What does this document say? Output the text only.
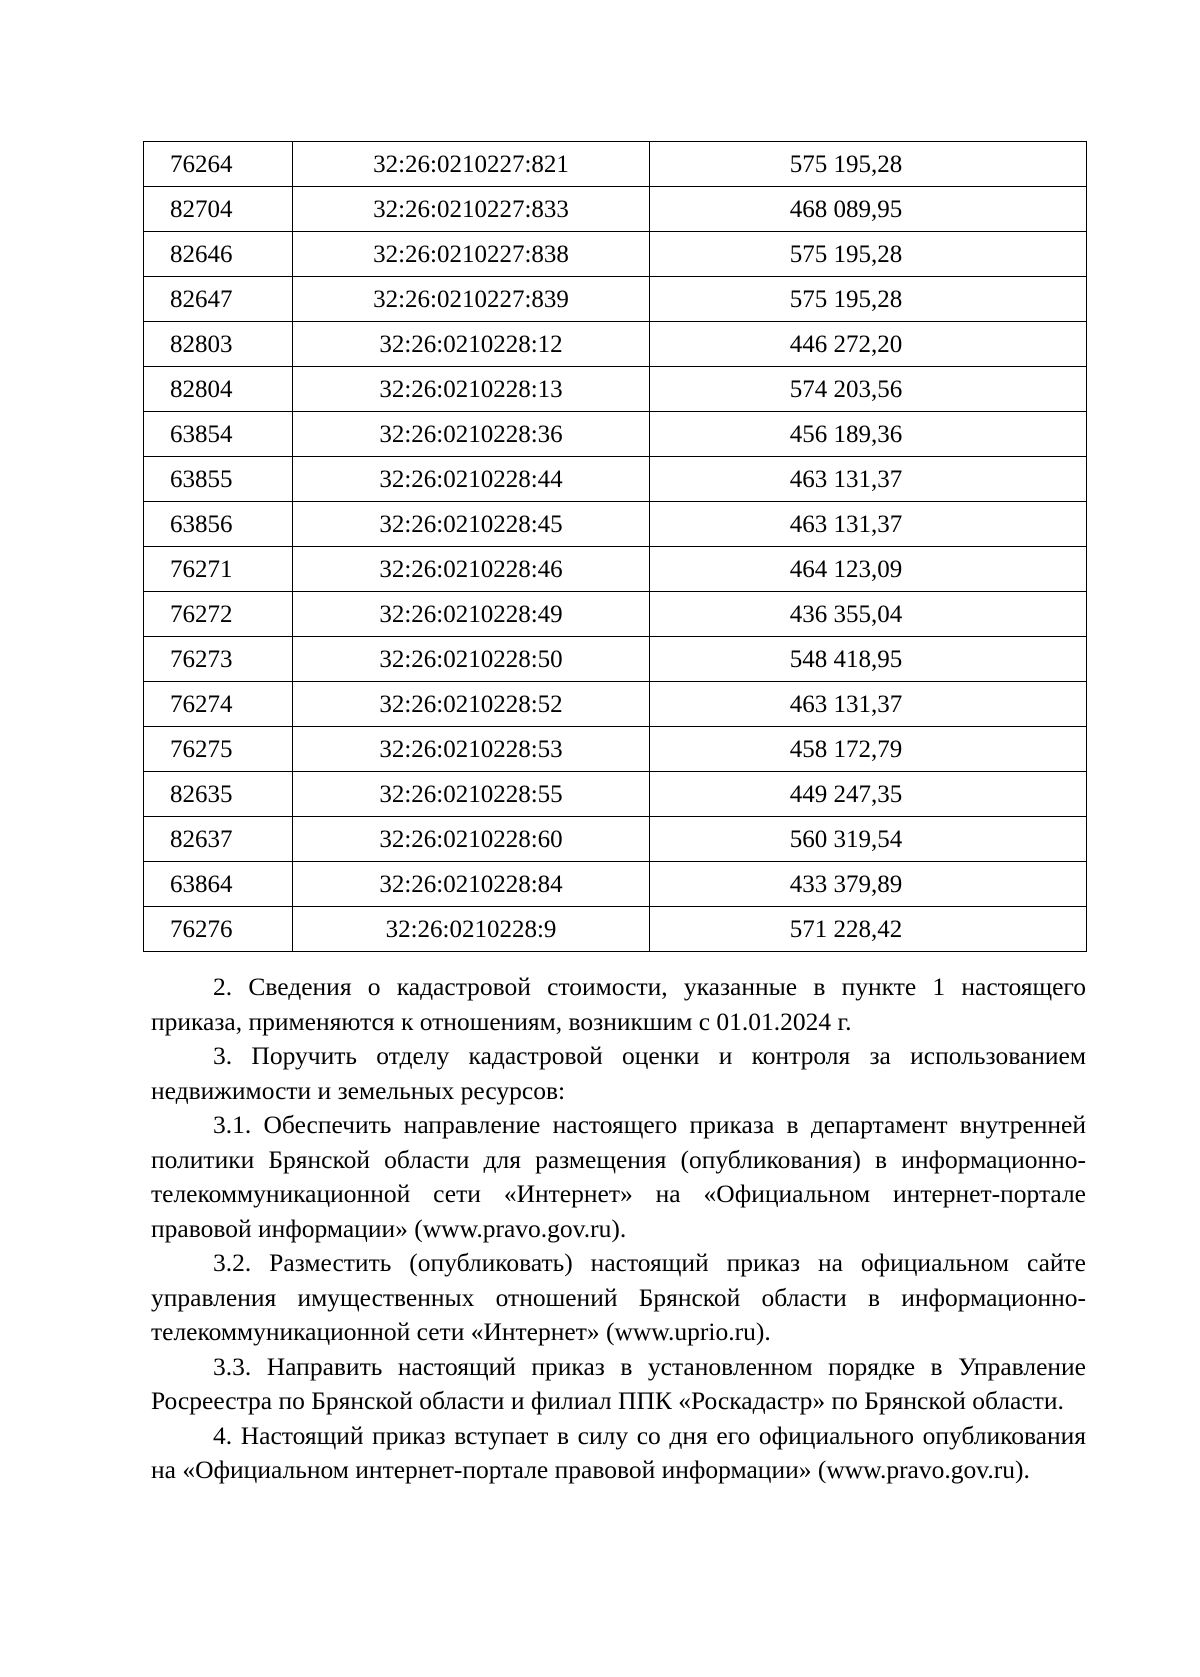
76264	32:26:0210227:821	575 195,28
82704	32:26:0210227:833	468 089,95
82646	32:26:0210227:838	575 195,28
82647	32:26:0210227:839	575 195,28
82803	32:26:0210228:12	446 272,20
82804	32:26:0210228:13	574 203,56
63854	32:26:0210228:36	456 189,36
63855	32:26:0210228:44	463 131,37
63856	32:26:0210228:45	463 131,37
76271	32:26:0210228:46	464 123,09
76272	32:26:0210228:49	436 355,04
76273	32:26:0210228:50	548 418,95
76274	32:26:0210228:52	463 131,37
76275	32:26:0210228:53	458 172,79
82635	32:26:0210228:55	449 247,35
82637	32:26:0210228:60	560 319,54
63864	32:26:0210228:84	433 379,89
76276	32:26:0210228:9	571 228,42

2. Сведения о кадастровой стоимости, указанные в пункте 1 настоящего приказа, применяются к отношениям, возникшим с 01.01.2024 г.

3. Поручить отделу кадастровой оценки и контроля за использованием недвижимости и земельных ресурсов:

3.1. Обеспечить направление настоящего приказа в департамент внутренней политики Брянской области для размещения (опубликования) в информационно-телекоммуникационной сети «Интернет» на «Официальном интернет-портале правовой информации» (www.pravo.gov.ru).

3.2. Разместить (опубликовать) настоящий приказ на официальном сайте управления имущественных отношений Брянской области в информационно-телекоммуникационной сети «Интернет» (www.uprio.ru).

3.3. Направить настоящий приказ в установленном порядке в Управление Росреестра по Брянской области и филиал ППК «Роскадастр» по Брянской области.

4. Настоящий приказ вступает в силу со дня его официального опубликования на «Официальном интернет-портале правовой информации» (www.pravo.gov.ru).
